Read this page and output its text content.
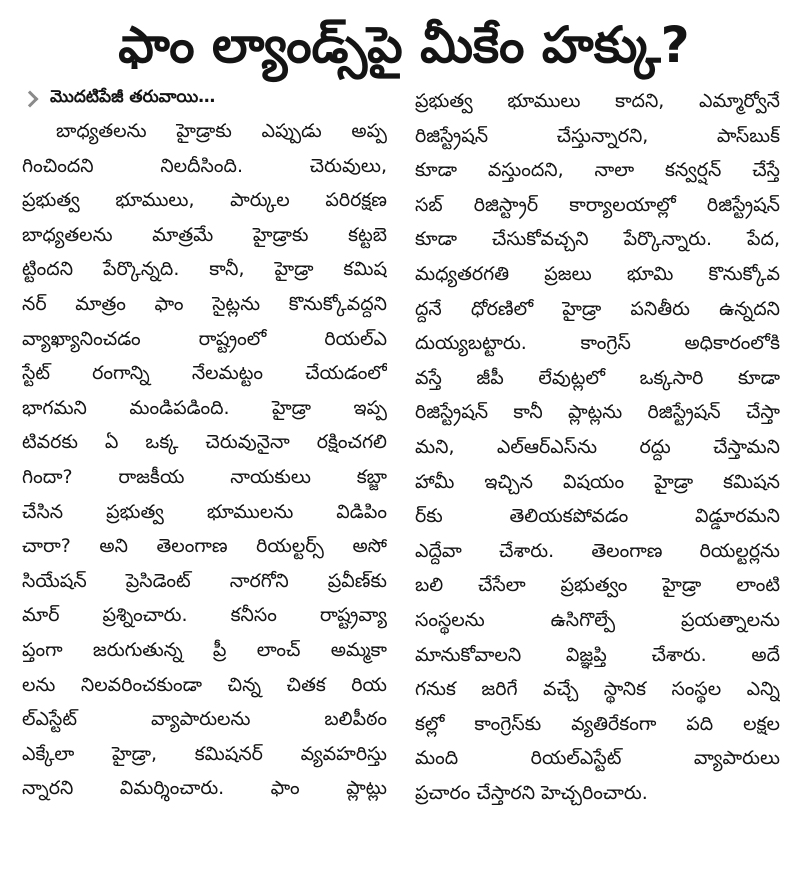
ఫాం ల్యాండ్స్‌పై మీకేం హక్కు?
మొదటిపేజీ తరువాయి…

బాధ్యతలను హైడ్రాకు ఎప్పుడు అప్ప
గించిందని నిలదీసింది. చెరువులు,
ప్రభుత్వ భూములు, పార్కుల పరిరక్షణ
బాధ్యతలను మాత్రమే హైడ్రాకు కట్టబె
ట్టిందని పేర్కొన్నది. కానీ, హైడ్రా కమిష
నర్ మాత్రం ఫాం సైట్లను కొనుక్కోవద్దని
వ్యాఖ్యానించడం రాష్ట్రంలో రియల్ఎ
స్టేట్ రంగాన్ని నేలమట్టం చేయడంలో
భాగమని మండిపడింది. హైడ్రా ఇప్ప
టివరకు ఏ ఒక్క చెరువునైనా రక్షించగలి
గిందా? రాజకీయ నాయకులు కబ్జా
చేసిన ప్రభుత్వ భూములను విడిపిం
చారా? అని తెలంగాణ రియల్టర్స్ అసో
సియేషన్ ప్రెసిడెంట్ నారగోని ప్రవీణ్‌కు
మార్ ప్రశ్నించారు. కనీసం రాష్ట్రవ్యా
ప్తంగా జరుగుతున్న ప్రీ లాంచ్ అమ్మకా
లను నిలవరించకుండా చిన్న చితక రియ
ల్ఎస్టేట్ వ్యాపారులను బలిపీఠం
ఎక్కేలా హైడ్రా, కమిషనర్ వ్యవహరిస్తు
న్నారని విమర్శించారు. ఫాం ప్లాట్లు

ప్రభుత్వ భూములు కాదని, ఎమ్మార్వోనే
రిజిస్ట్రేషన్ చేస్తున్నారని, పాస్‌బుక్
కూడా వస్తుందని, నాలా కన్వర్షన్ చేస్తే
సబ్ రిజిస్ట్రార్ కార్యాలయాల్లో రిజిస్ట్రేషన్
కూడా చేసుకోవచ్చని పేర్కొన్నారు. పేద,
మధ్యతరగతి ప్రజలు భూమి కొనుక్కోవ
ద్దనే ధోరణిలో హైడ్రా పనితీరు ఉన్నదని
దుయ్యబట్టారు. కాంగ్రెస్ అధికారంలోకి
వస్తే జీపీ లేవుట్లలో ఒక్కసారి కూడా
రిజిస్ట్రేషన్ కానీ ప్లాట్లను రిజిస్ట్రేషన్ చేస్తా
మని, ఎల్ఆర్ఎస్‌ను రద్దు చేస్తామని
హామీ ఇచ్చిన విషయం హైడ్రా కమిషన
ర్‌కు తెలియకపోవడం విడ్డూరమని
ఎద్దేవా చేశారు. తెలంగాణ రియల్టర్లను
బలి చేసేలా ప్రభుత్వం హైడ్రా లాంటి
సంస్థలను ఉసిగొల్పే ప్రయత్నాలను
మానుకోవాలని విజ్ఞప్తి చేశారు. అదే
గనుక జరిగే వచ్చే స్థానిక సంస్థల ఎన్ని
కల్లో కాంగ్రెస్‌కు వ్యతిరేకంగా పది లక్షల
మంది రియల్ఎస్టేట్ వ్యాపారులు
ప్రచారం చేస్తారని హెచ్చరించారు.
